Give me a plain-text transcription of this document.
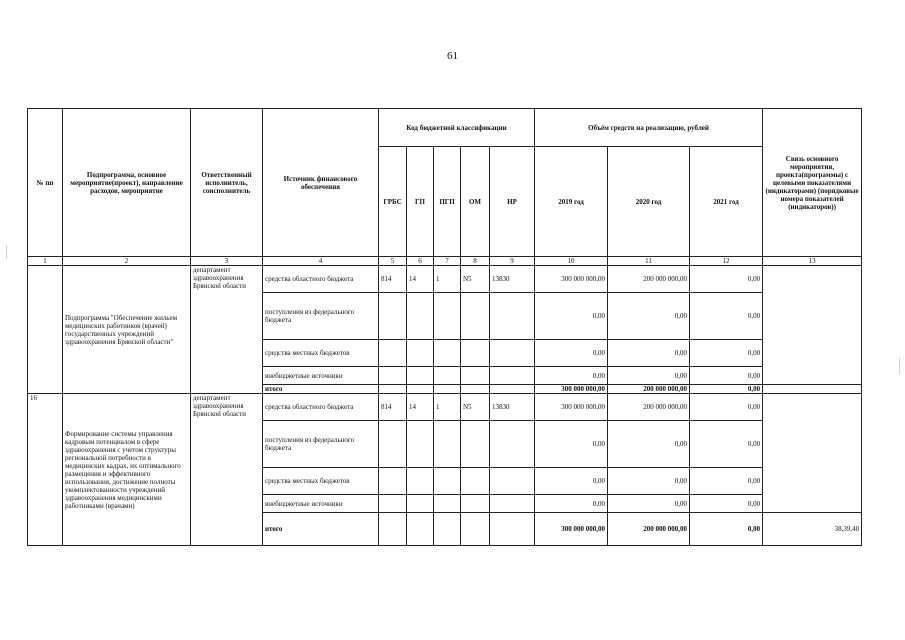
61
№ пп	Подпрограмма, основное мероприятие(проект), направление расходов, мероприятие	Ответственный исполнитель, соисполнитель	Источник финансового обеспечения	Код бюджетной классификации					Объём средств на реализацию, рублей			Связь основного мероприятия, проекта(программы) с целевыми показателями (индикаторами) (порядковые номера показателей (индикаторов))
				ГРБС	ГП	ПГП	ОМ	НР	2019 год	2020 год	2021 год	
1	2	3	4	5	6	7	8	9	10	11	12	13
	Подпрограмма "Обеспечение жильем медицинских работников (врачей) государственных учреждений здравоохранения Брянской области"	департамент здравоохранения Брянской области	средства областного бюджета	814	14	1	N5	13830	300 000 000,00	200 000 000,00	0,00	
			поступления из федерального бюджета						0,00	0,00	0,00	
			средства местных бюджетов						0,00	0,00	0,00	
			внебюджетные источники						0,00	0,00	0,00	
			итого						300 000 000,00	200 000 000,00	0,00	
16	Формирование системы управления кадровым потенциалом в сфере здравоохранения с учетом структуры региональной потребности в медицинских кадрах, их оптимального размещения и эффективного использования, достижение полноты укомплектованности учреждений здравоохранения медицинскими работниками (врачами)	департамент здравоохранения Брянской области	средства областного бюджета	814	14	1	N5	13830	300 000 000,00	200 000 000,00	0,00	
			поступления из федерального бюджета						0,00	0,00	0,00	
			средства местных бюджетов						0,00	0,00	0,00	
			внебюджетные источники						0,00	0,00	0,00	
			итого						300 000 000,00	200 000 000,00	0,00	38,39,40
